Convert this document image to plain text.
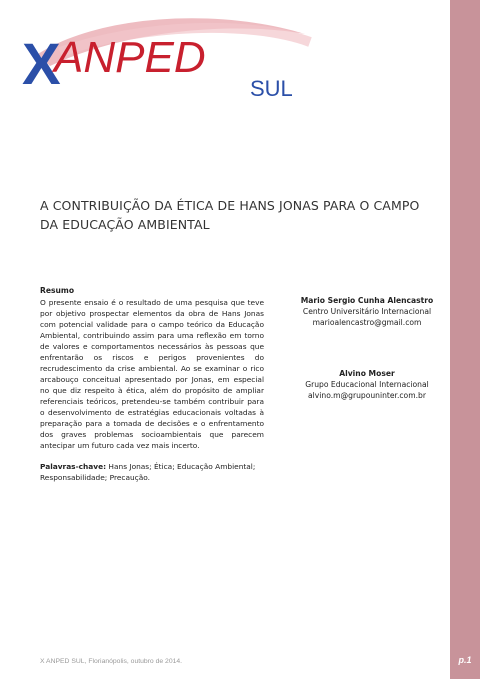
p.1
X
ANPED
SUL
A CONTRIBUIÇÃO DA ÉTICA DE HANS JONAS PARA O CAMPO DA EDUCAÇÃO AMBIENTAL
Resumo

O presente ensaio é o resultado de uma pesquisa que teve por objetivo prospectar elementos da obra de Hans Jonas com potencial validade para o campo teórico da Educação Ambiental, contribuindo assim para uma reflexão em torno de valores e comportamentos necessários às pessoas que enfrentarão os riscos e perigos provenientes do recrudescimento da crise ambiental. Ao se examinar o rico arcabouço conceitual apresentado por Jonas, em especial no que diz respeito à ética, além do propósito de ampliar referenciais teóricos, pretendeu-se também contribuir para o desenvolvimento de estratégias educacionais voltadas à preparação para a tomada de decisões e o enfrentamento dos graves problemas socioambientais que parecem antecipar um futuro cada vez mais incerto.

Palavras-chave: Hans Jonas; Ética; Educação Ambiental; Responsabilidade; Precaução.

Mario Sergio Cunha Alencastro
Centro Universitário Internacional
marioalencastro@gmail.com
Alvino Moser
Grupo Educacional Internacional
alvino.m@grupouninter.com.br
X ANPED SUL, Florianópolis, outubro de 2014.
